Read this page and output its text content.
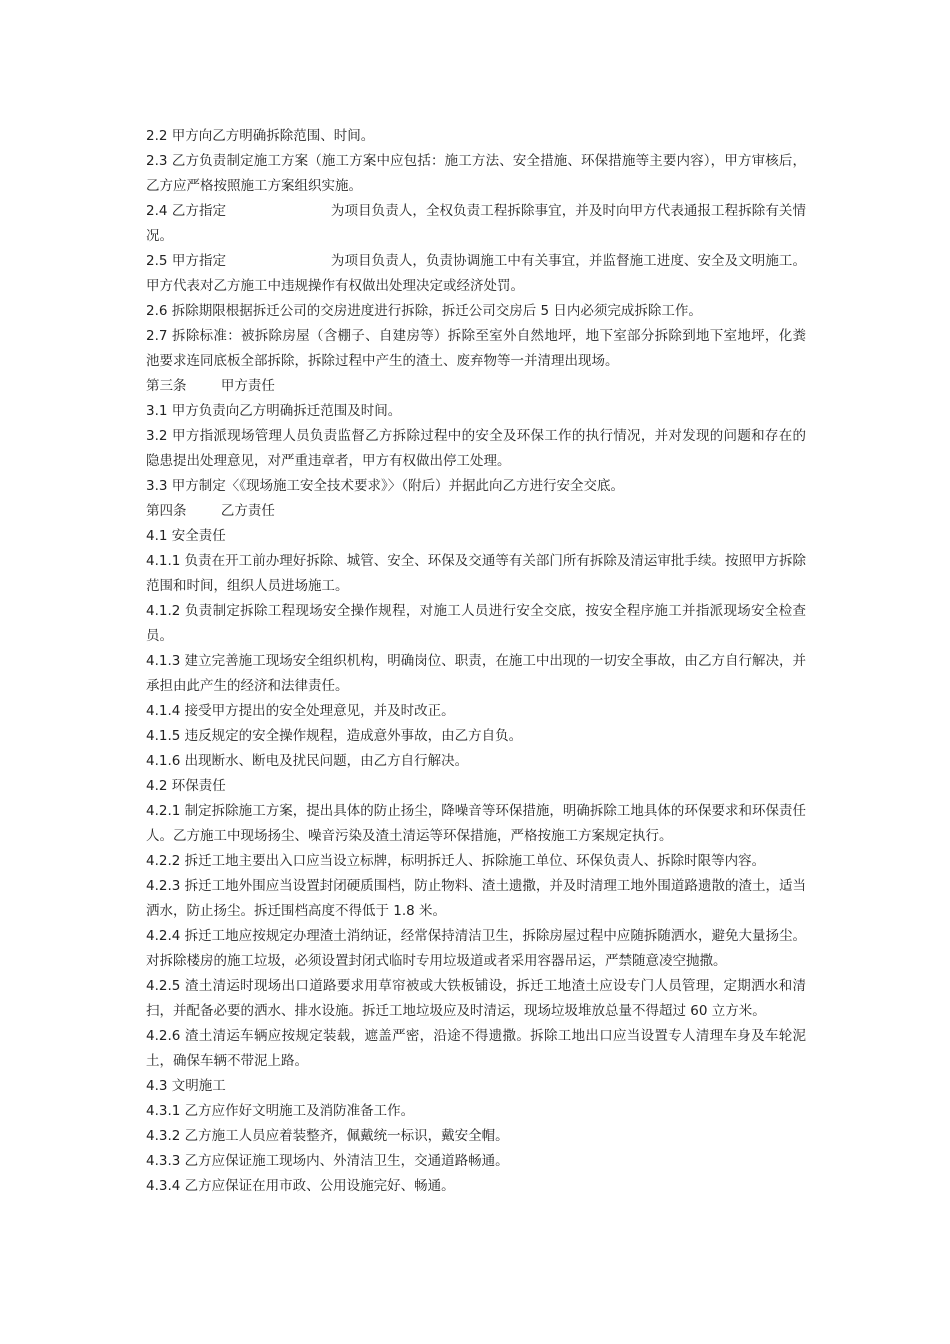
2.2 甲方向乙方明确拆除范围、时间。

2.3 乙方负责制定施工方案（施工方案中应包括：施工方法、安全措施、环保措施等主要内容），甲方审核后，乙方应严格按照施工方案组织实施。

2.4 乙方指定                        为项目负责人，全权负责工程拆除事宜，并及时向甲方代表通报工程拆除有关情况。

2.5 甲方指定                        为项目负责人，负责协调施工中有关事宜，并监督施工进度、安全及文明施工。甲方代表对乙方施工中违规操作有权做出处理决定或经济处罚。

2.6 拆除期限根据拆迁公司的交房进度进行拆除，拆迁公司交房后 5 日内必须完成拆除工作。

2.7 拆除标准：被拆除房屋（含棚子、自建房等）拆除至室外自然地坪，地下室部分拆除到地下室地坪，化粪池要求连同底板全部拆除，拆除过程中产生的渣土、废弃物等一并清理出现场。

第三条        甲方责任

3.1 甲方负责向乙方明确拆迁范围及时间。

3.2 甲方指派现场管理人员负责监督乙方拆除过程中的安全及环保工作的执行情况，并对发现的问题和存在的隐患提出处理意见，对严重违章者，甲方有权做出停工处理。

3.3 甲方制定〈《现场施工安全技术要求》〉（附后）并据此向乙方进行安全交底。

第四条        乙方责任

4.1 安全责任

4.1.1 负责在开工前办理好拆除、城管、安全、环保及交通等有关部门所有拆除及清运审批手续。按照甲方拆除范围和时间，组织人员进场施工。

4.1.2 负责制定拆除工程现场安全操作规程，对施工人员进行安全交底，按安全程序施工并指派现场安全检查员。

4.1.3 建立完善施工现场安全组织机构，明确岗位、职责，在施工中出现的一切安全事故，由乙方自行解决，并承担由此产生的经济和法律责任。

4.1.4 接受甲方提出的安全处理意见，并及时改正。

4.1.5 违反规定的安全操作规程，造成意外事故，由乙方自负。

4.1.6 出现断水、断电及扰民问题，由乙方自行解决。

4.2 环保责任

4.2.1 制定拆除施工方案，提出具体的防止扬尘，降噪音等环保措施，明确拆除工地具体的环保要求和环保责任人。乙方施工中现场扬尘、噪音污染及渣土清运等环保措施，严格按施工方案规定执行。

4.2.2 拆迁工地主要出入口应当设立标牌，标明拆迁人、拆除施工单位、环保负责人、拆除时限等内容。

4.2.3 拆迁工地外围应当设置封闭硬质围档，防止物料、渣土遗撒，并及时清理工地外围道路遗散的渣土，适当洒水，防止扬尘。拆迁围档高度不得低于 1.8 米。

4.2.4 拆迁工地应按规定办理渣土消纳证，经常保持清洁卫生，拆除房屋过程中应随拆随洒水，避免大量扬尘。对拆除楼房的施工垃圾，必须设置封闭式临时专用垃圾道或者采用容器吊运，严禁随意凌空抛撒。

4.2.5 渣土清运时现场出口道路要求用草帘被或大铁板铺设，拆迁工地渣土应设专门人员管理，定期洒水和清扫，并配备必要的洒水、排水设施。拆迁工地垃圾应及时清运，现场垃圾堆放总量不得超过 60 立方米。

4.2.6 渣土清运车辆应按规定装载，遮盖严密，沿途不得遗撒。拆除工地出口应当设置专人清理车身及车轮泥土，确保车辆不带泥上路。

4.3 文明施工

4.3.1 乙方应作好文明施工及消防准备工作。

4.3.2 乙方施工人员应着装整齐，佩戴统一标识，戴安全帽。

4.3.3 乙方应保证施工现场内、外清洁卫生，交通道路畅通。

4.3.4 乙方应保证在用市政、公用设施完好、畅通。
